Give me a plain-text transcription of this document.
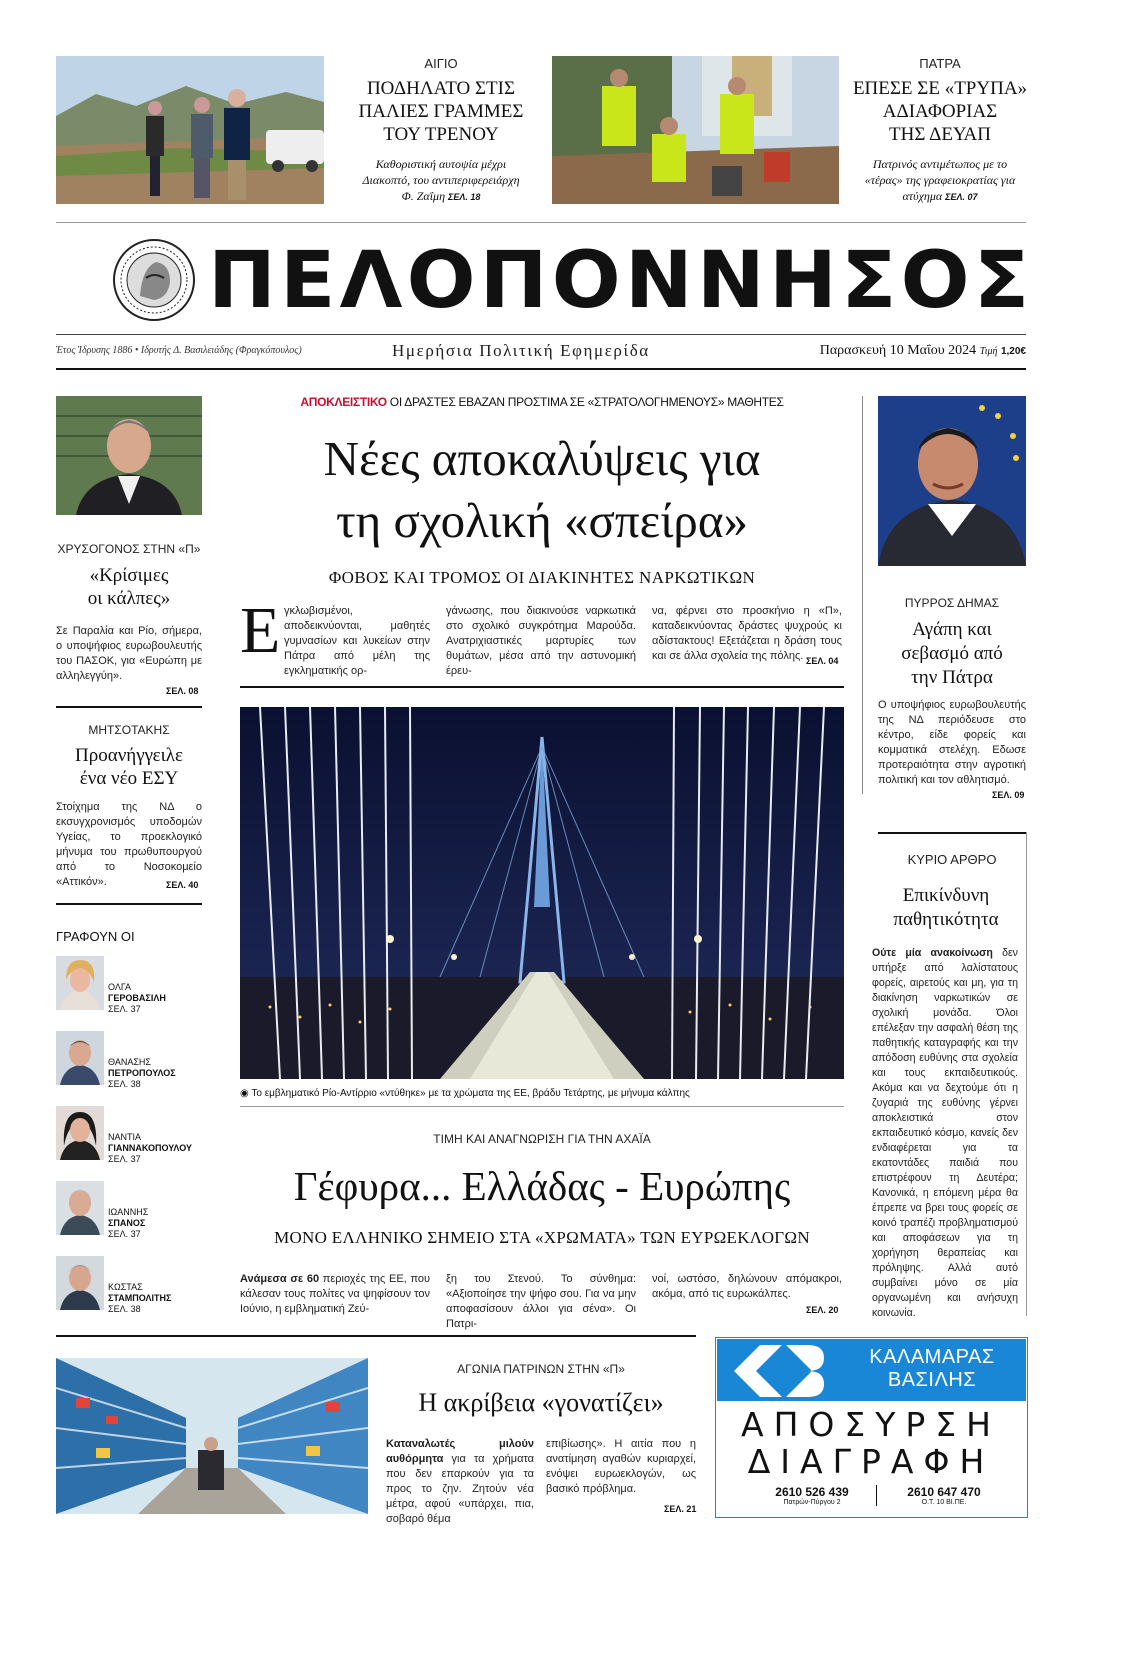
ΑΙΓΙΟ
ΠΟΔΗΛΑΤΟ ΣΤΙΣ
ΠΑΛΙΕΣ ΓΡΑΜΜΕΣ
ΤΟΥ ΤΡΕΝΟΥ
Καθοριστική αυτοψία μέχρι
Διακοπτό, του αντιπεριφερειάρχη
Φ. Ζαΐμη ΣΕΛ. 18
ΠΑΤΡΑ
ΕΠΕΣΕ ΣΕ «ΤΡΥΠΑ»
ΑΔΙΑΦΟΡΙΑΣ
ΤΗΣ ΔΕΥΑΠ
Πατρινός αντιμέτωπος με το
«τέρας» της γραφειοκρατίας για
ατύχημα ΣΕΛ. 07
ΠΕΛΟΠΟΝΝΗΣΟΣ
Έτος Ίδρυσης 1886 • Ιδρυτής Δ. Βασιλειάδης (Φραγκόπουλος)	Ημερήσια Πολιτική Εφημερίδα	Παρασκευή 10 Μαΐου 2024 Τιμή 1,20€
ΑΠΟΚΛΕΙΣΤΙΚΟ ΟΙ ΔΡΑΣΤΕΣ ΕΒΑΖΑΝ ΠΡΟΣΤΙΜΑ ΣΕ «ΣΤΡΑΤΟΛΟΓΗΜΕΝΟΥΣ» ΜΑΘΗΤΕΣ
Νέες αποκαλύψεις για
τη σχολική «σπείρα»
ΦΟΒΟΣ ΚΑΙ ΤΡΟΜΟΣ ΟΙ ΔΙΑΚΙΝΗΤΕΣ ΝΑΡΚΩΤΙΚΩΝ
Ε γκλωβισμένοι, αποδεικνύονται, μαθητές γυμνασίων και λυκείων στην Πάτρα από μέλη της εγκληματικής ορ-
γάνωσης, που διακινούσε ναρκωτικά στο σχολικό συγκρότημα Μαρούδα. Ανατριχιαστικές μαρτυρίες των θυμάτων, μέσα από την αστυνομική έρευ-
να, φέρνει στο προσκήνιο η «Π», καταδεικνύοντας δράστες ψυχρούς κι αδίστακτους! Εξετάζεται η δράση τους και σε άλλα σχολεία της πόλης. ΣΕΛ. 04
◉ Το εμβληματικό Ρίο-Αντίρριο «ντύθηκε» με τα χρώματα της ΕΕ, βράδυ Τετάρτης, με μήνυμα κάλπης
ΤΙΜΗ ΚΑΙ ΑΝΑΓΝΩΡΙΣΗ ΓΙΑ ΤΗΝ ΑΧΑΪΑ
Γέφυρα... Ελλάδας - Ευρώπης
ΜΟΝΟ ΕΛΛΗΝΙΚΟ ΣΗΜΕΙΟ ΣΤΑ «ΧΡΩΜΑΤΑ» ΤΩΝ ΕΥΡΩΕΚΛΟΓΩΝ
Ανάμεσα σε 60 περιοχές της ΕΕ, που κάλεσαν τους πολίτες να ψηφίσουν τον Ιούνιο, η εμβληματική Ζεύ-
ξη του Στενού. Το σύνθημα: «Αξιοποίησε την ψήφο σου. Για να μην αποφασίσουν άλλοι για σένα». Οι Πατρι-
νοί, ωστόσο, δηλώνουν απόμακροι, ακόμα, από τις ευρωκάλπες.
ΣΕΛ. 20
ΧΡΥΣΟΓΟΝΟΣ ΣΤΗΝ «Π»
«Κρίσιμες
οι κάλπες»
Σε Παραλία και Ρίο, σήμερα, ο υποψήφιος ευρωβουλευτής του ΠΑΣΟΚ, για «Ευρώπη με αλληλεγγύη».
ΣΕΛ. 08
ΜΗΤΣΟΤΑΚΗΣ
Προανήγγειλε
ένα νέο ΕΣΥ
Στοίχημα της ΝΔ ο εκσυγχρονισμός υποδομών Υγείας, το προεκλογικό μήνυμα του πρωθυπουργού από το Νοσοκομείο «Αττικόν».	ΣΕΛ. 40
ΓΡΑΦΟΥΝ ΟΙ
ΟΛΓΑ
ΓΕΡΟΒΑΣΙΛΗ
ΣΕΛ. 37
ΘΑΝΑΣΗΣ
ΠΕΤΡΟΠΟΥΛΟΣ
ΣΕΛ. 38
ΝΑΝΤΙΑ
ΓΙΑΝΝΑΚΟΠΟΥΛΟΥ
ΣΕΛ. 37
ΙΩΑΝΝΗΣ
ΣΠΑΝΟΣ
ΣΕΛ. 37
ΚΩΣΤΑΣ
ΣΤΑΜΠΟΛΙΤΗΣ
ΣΕΛ. 38
ΠΥΡΡΟΣ ΔΗΜΑΣ
Αγάπη και
σεβασμό από
την Πάτρα
Ο υποψήφιος ευρωβουλευτής της ΝΔ περιόδευσε στο κέντρο, είδε φορείς και κομματικά στελέχη. Εδωσε προτεραιότητα στην αγροτική πολιτική και τον αθλητισμό.
ΣΕΛ. 09
ΚΥΡΙΟ ΑΡΘΡΟ
Επικίνδυνη
παθητικότητα
Ούτε μία ανακοίνωση δεν υπήρξε από λαλίστατους φορείς, αιρετούς και μη, για τη διακίνηση ναρκωτικών σε σχολική μονάδα. Όλοι επέλεξαν την ασφαλή θέση της παθητικής καταγραφής και την απόδοση ευθύνης στα σχολεία και τους εκπαιδευτικούς. Ακόμα και να δεχτούμε ότι η ζυγαριά της ευθύνης γέρνει αποκλειστικά στον εκπαιδευτικό κόσμο, κανείς δεν ενδιαφέρεται για τα εκατοντάδες παιδιά που επιστρέφουν τη Δευτέρα; Κανονικά, η επόμενη μέρα θα έπρεπε να βρει τους φορείς σε κοινό τραπέζι προβληματισμού και αποφάσεων για τη χορήγηση θεραπείας και πρόληψης. Αλλά αυτό συμβαίνει μόνο σε μία οργανωμένη και ανήσυχη κοινωνία.
ΑΓΩΝΙΑ ΠΑΤΡΙΝΩΝ ΣΤΗΝ «Π»
Η ακρίβεια «γονατίζει»
Καταναλωτές μιλούν αυθόρμητα για τα χρήματα που δεν επαρκούν για τα προς το ζην. Ζητούν νέα μέτρα, αφού «υπάρχει, πια, σοβαρό θέμα
επιβίωσης». Η αιτία που η ανατίμηση αγαθών κυριαρχεί, ενόψει ευρωεκλογών, ως βασικό πρόβλημα.
ΣΕΛ. 21
ΚΑΛΑΜΑΡΑΣ
ΒΑΣΙΛΗΣ
ΑΠΟΣΥΡΣΗ
ΔΙΑΓΡΑΦΗ
2610 526 439
Πατρών-Πύργου 2
2610 647 470
Ο.Τ. 10 ΒΙ.ΠΕ.
